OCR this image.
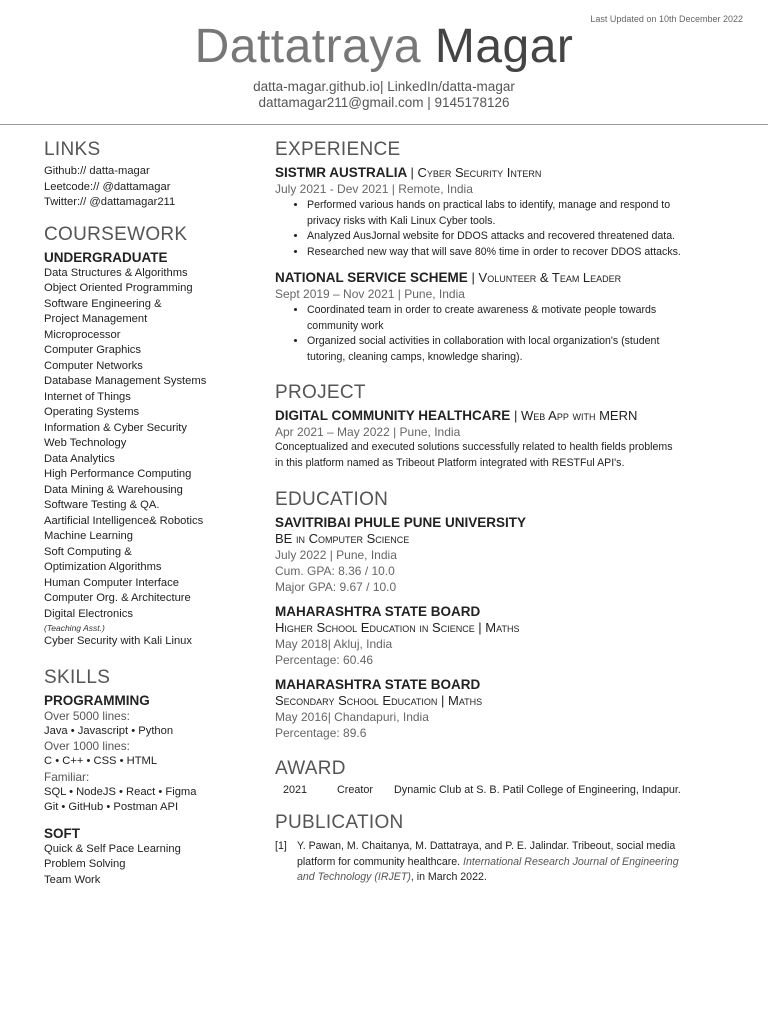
Last Updated on 10th December 2022
Dattatraya Magar
datta-magar.github.io| LinkedIn/datta-magar
dattamagar211@gmail.com | 9145178126
LINKS
Github:// datta-magar
Leetcode:// @dattamagar
Twitter:// @dattamagar211
COURSEWORK
UNDERGRADUATE
Data Structures & Algorithms
Object Oriented Programming
Software Engineering &
Project Management
Microprocessor
Computer Graphics
Computer Networks
Database Management Systems
Internet of Things
Operating Systems
Information & Cyber Security
Web Technology
Data Analytics
High Performance Computing
Data Mining & Warehousing
Software Testing & QA.
Aartificial Intelligence& Robotics
Machine Learning
Soft Computing &
Optimization Algorithms
Human Computer Interface
Computer Org. & Architecture
Digital Electronics
(Teaching Asst.)
Cyber Security with Kali Linux
SKILLS
PROGRAMMING
Over 5000 lines:
Java • Javascript • Python
Over 1000 lines:
C • C++ • CSS • HTML
Familiar:
SQL • NodeJS • React • Figma
Git • GitHub • Postman API
SOFT
Quick & Self Pace Learning
Problem Solving
Team Work
EXPERIENCE
SISTMR AUSTRALIA | Cyber Security Intern
July 2021 - Dev 2021 | Remote, India
• Performed various hands on practical labs to identify, manage and respond to
privacy risks with Kali Linux Cyber tools.
• Analyzed AusJornal website for DDOS attacks and recovered threatened data.
• Researched new way that will save 80% time in order to recover DDOS attacks.
NATIONAL SERVICE SCHEME | Volunteer & Team Leader
Sept 2019 – Nov 2021 | Pune, India
• Coordinated team in order to create awareness & motivate people towards
community work
• Organized social activities in collaboration with local organization's (student
tutoring, cleaning camps, knowledge sharing).
PROJECT
DIGITAL COMMUNITY HEALTHCARE | Web App with MERN
Apr 2021 – May 2022 | Pune, India
Conceptualized and executed solutions successfully related to health fields problems
in this platform named as Tribeout Platform integrated with RESTFul API's.
EDUCATION
SAVITRIBAI PHULE PUNE UNIVERSITY
BE in Computer Science
July 2022 | Pune, India
Cum. GPA: 8.36 / 10.0
Major GPA: 9.67 / 10.0
MAHARASHTRA STATE BOARD
Higher School Education in Science | Maths
May 2018| Akluj, India
Percentage: 60.46
MAHARASHTRA STATE BOARD
Secondary School Education | Maths
May 2016| Chandapuri, India
Percentage: 89.6
AWARD
2021	Creator	Dynamic Club at S. B. Patil College of Engineering, Indapur.
PUBLICATION
[1] Y. Pawan, M. Chaitanya, M. Dattatraya, and P. E. Jalindar. Tribeout, social media
platform for community healthcare. International Research Journal of Engineering
and Technology (IRJET), in March 2022.
